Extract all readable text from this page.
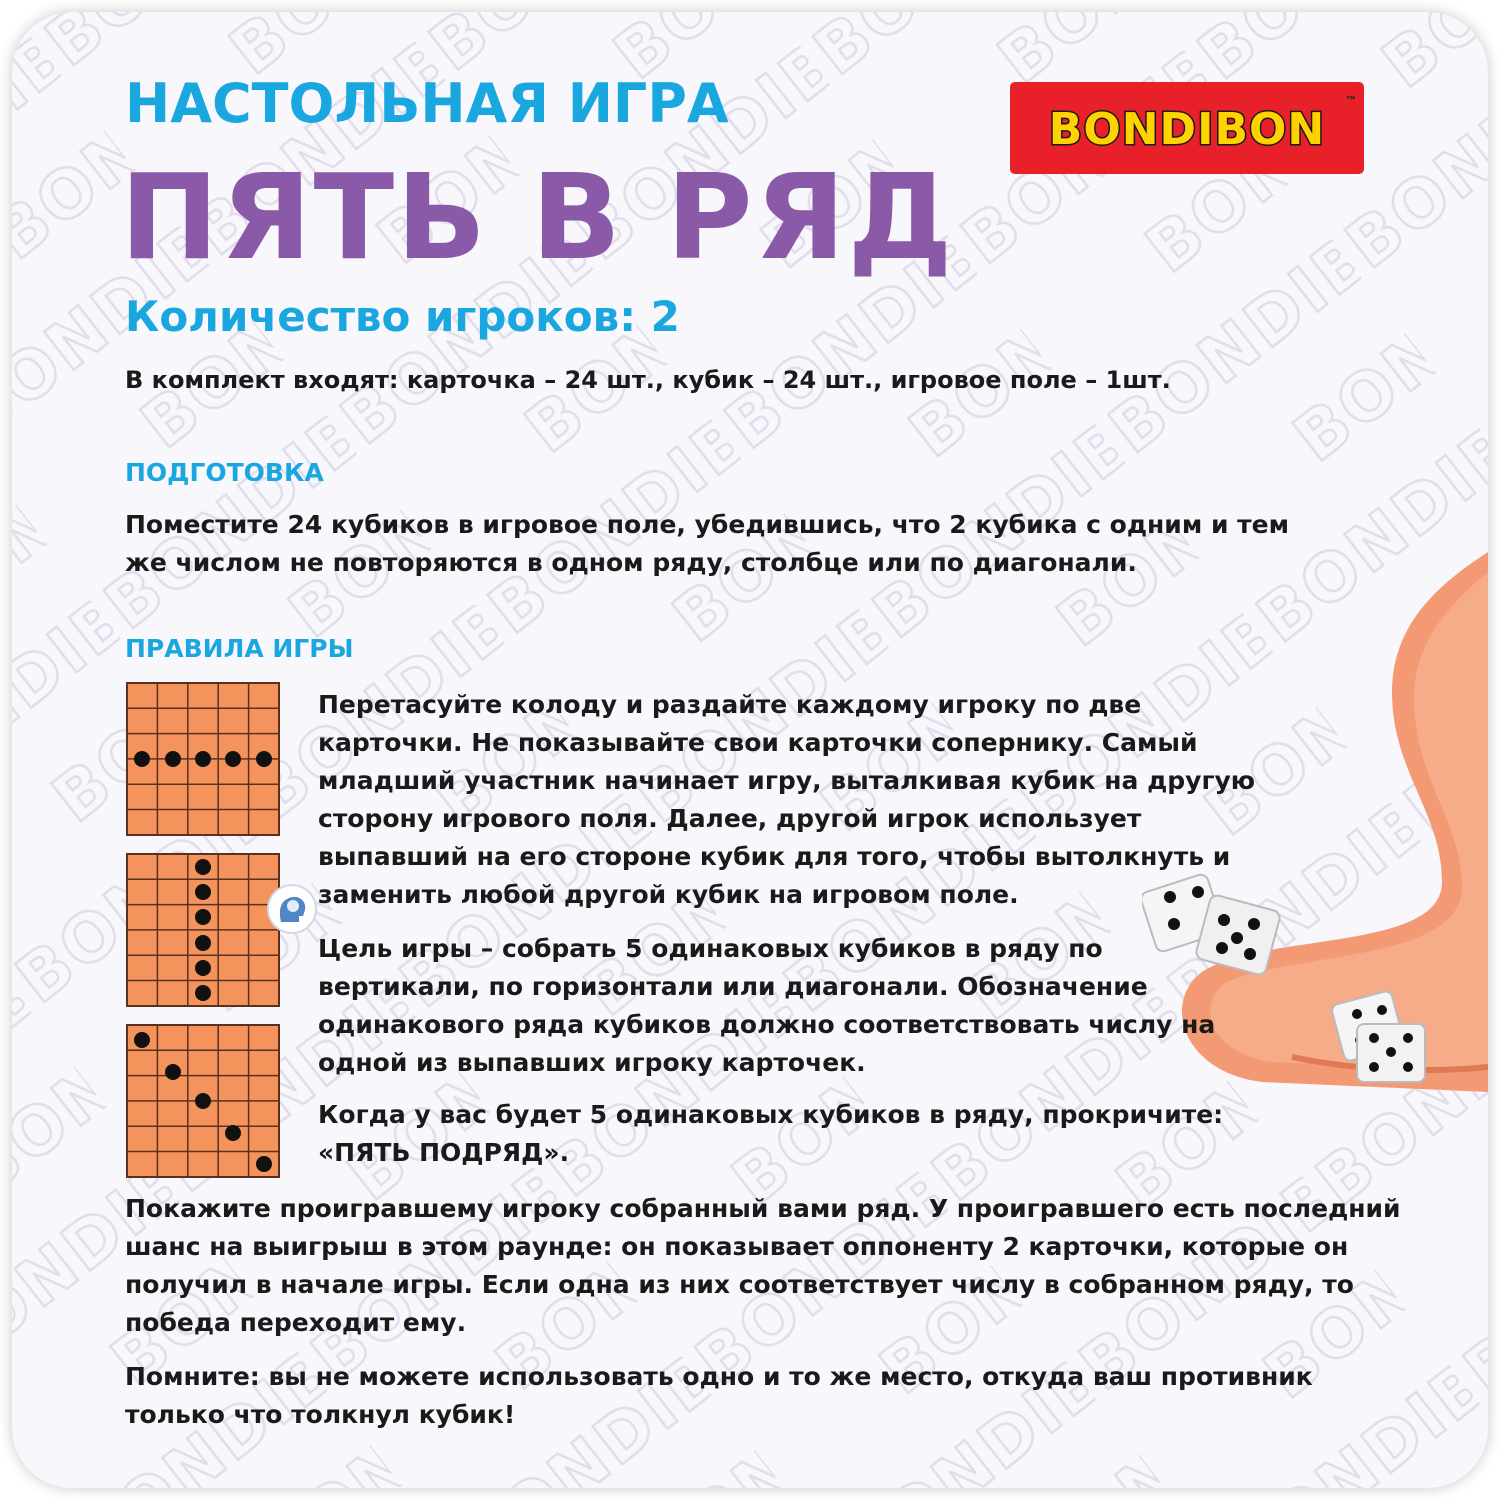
НАСТОЛЬНАЯ ИГРА
ПЯТЬ В РЯД
BONDIBON
™
Количество игроков: 2
В комплект входят: карточка – 24 шт., кубик – 24 шт., игровое поле – 1шт.
ПОДГОТОВКА
Поместите 24 кубиков в игровое поле, убедившись, что 2 кубика с одним и тем же числом не повторяются в одном ряду, столбце или по диагонали.
ПРАВИЛА ИГРЫ
Перетасуйте колоду и раздайте каждому игроку по две карточки. Не показывайте свои карточки сопернику. Самый младший участник начинает игру, выталкивая кубик на другую сторону игрового поля. Далее, другой игрок использует выпавший на его стороне кубик для того, чтобы вытолкнуть и заменить любой другой кубик на игровом поле.
Цель игры – собрать 5 одинаковых кубиков в ряду по вертикали, по горизонтали или диагонали. Обозначение одинакового ряда кубиков должно соответствовать числу на одной из выпавших игроку карточек.
Когда у вас будет 5 одинаковых кубиков в ряду, прокричите: «ПЯТЬ ПОДРЯД».
Покажите проигравшему игроку собранный вами ряд. У проигравшего есть последний шанс на выигрыш в этом раунде: он показывает оппоненту 2 карточки, которые он получил в начале игры. Если одна из них соответствует числу в собранном ряду, то победа переходит ему.
Помните: вы не можете использовать одно и то же место, откуда ваш противник только что толкнул кубик!
